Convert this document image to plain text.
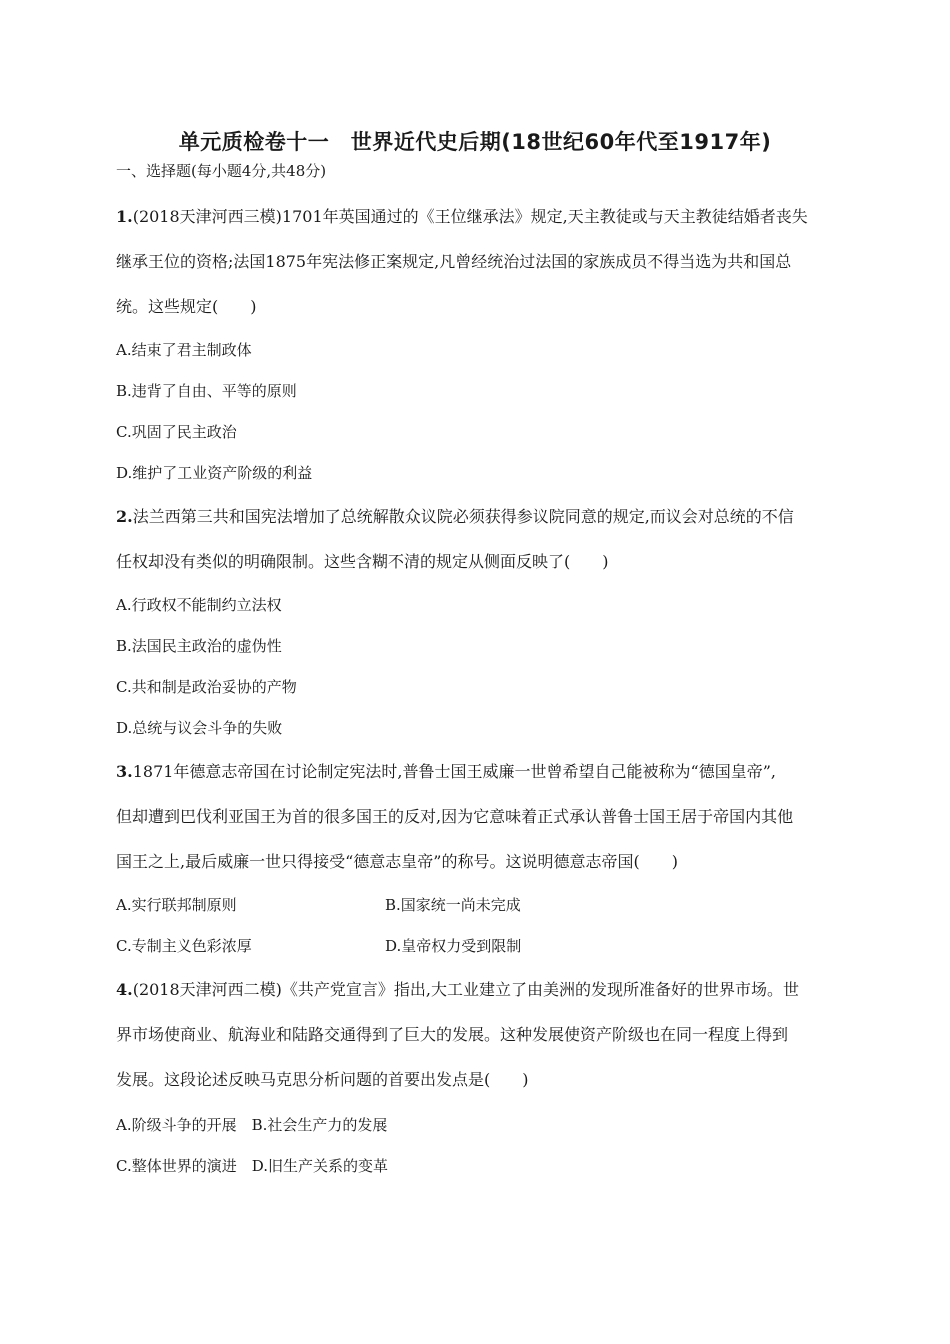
单元质检卷十一　世界近代史后期(18世纪60年代至1917年)
一、选择题(每小题4分,共48分)
1.(2018天津河西三模)1701年英国通过的《王位继承法》规定,天主教徒或与天主教徒结婚者丧失
继承王位的资格;法国1875年宪法修正案规定,凡曾经统治过法国的家族成员不得当选为共和国总
统。这些规定(　　)
A.结束了君主制政体
B.违背了自由、平等的原则
C.巩固了民主政治
D.维护了工业资产阶级的利益
2.法兰西第三共和国宪法增加了总统解散众议院必须获得参议院同意的规定,而议会对总统的不信
任权却没有类似的明确限制。这些含糊不清的规定从侧面反映了(　　)
A.行政权不能制约立法权
B.法国民主政治的虚伪性
C.共和制是政治妥协的产物
D.总统与议会斗争的失败
3.1871年德意志帝国在讨论制定宪法时,普鲁士国王威廉一世曾希望自己能被称为“德国皇帝”,
但却遭到巴伐利亚国王为首的很多国王的反对,因为它意味着正式承认普鲁士国王居于帝国内其他
国王之上,最后威廉一世只得接受“德意志皇帝”的称号。这说明德意志帝国(　　)
A.实行联邦制原则	B.国家统一尚未完成
C.专制主义色彩浓厚	D.皇帝权力受到限制
4.(2018天津河西二模)《共产党宣言》指出,大工业建立了由美洲的发现所准备好的世界市场。世
界市场使商业、航海业和陆路交通得到了巨大的发展。这种发展使资产阶级也在同一程度上得到
发展。这段论述反映马克思分析问题的首要出发点是(　　)
A.阶级斗争的开展　B.社会生产力的发展
C.整体世界的演进　D.旧生产关系的变革
